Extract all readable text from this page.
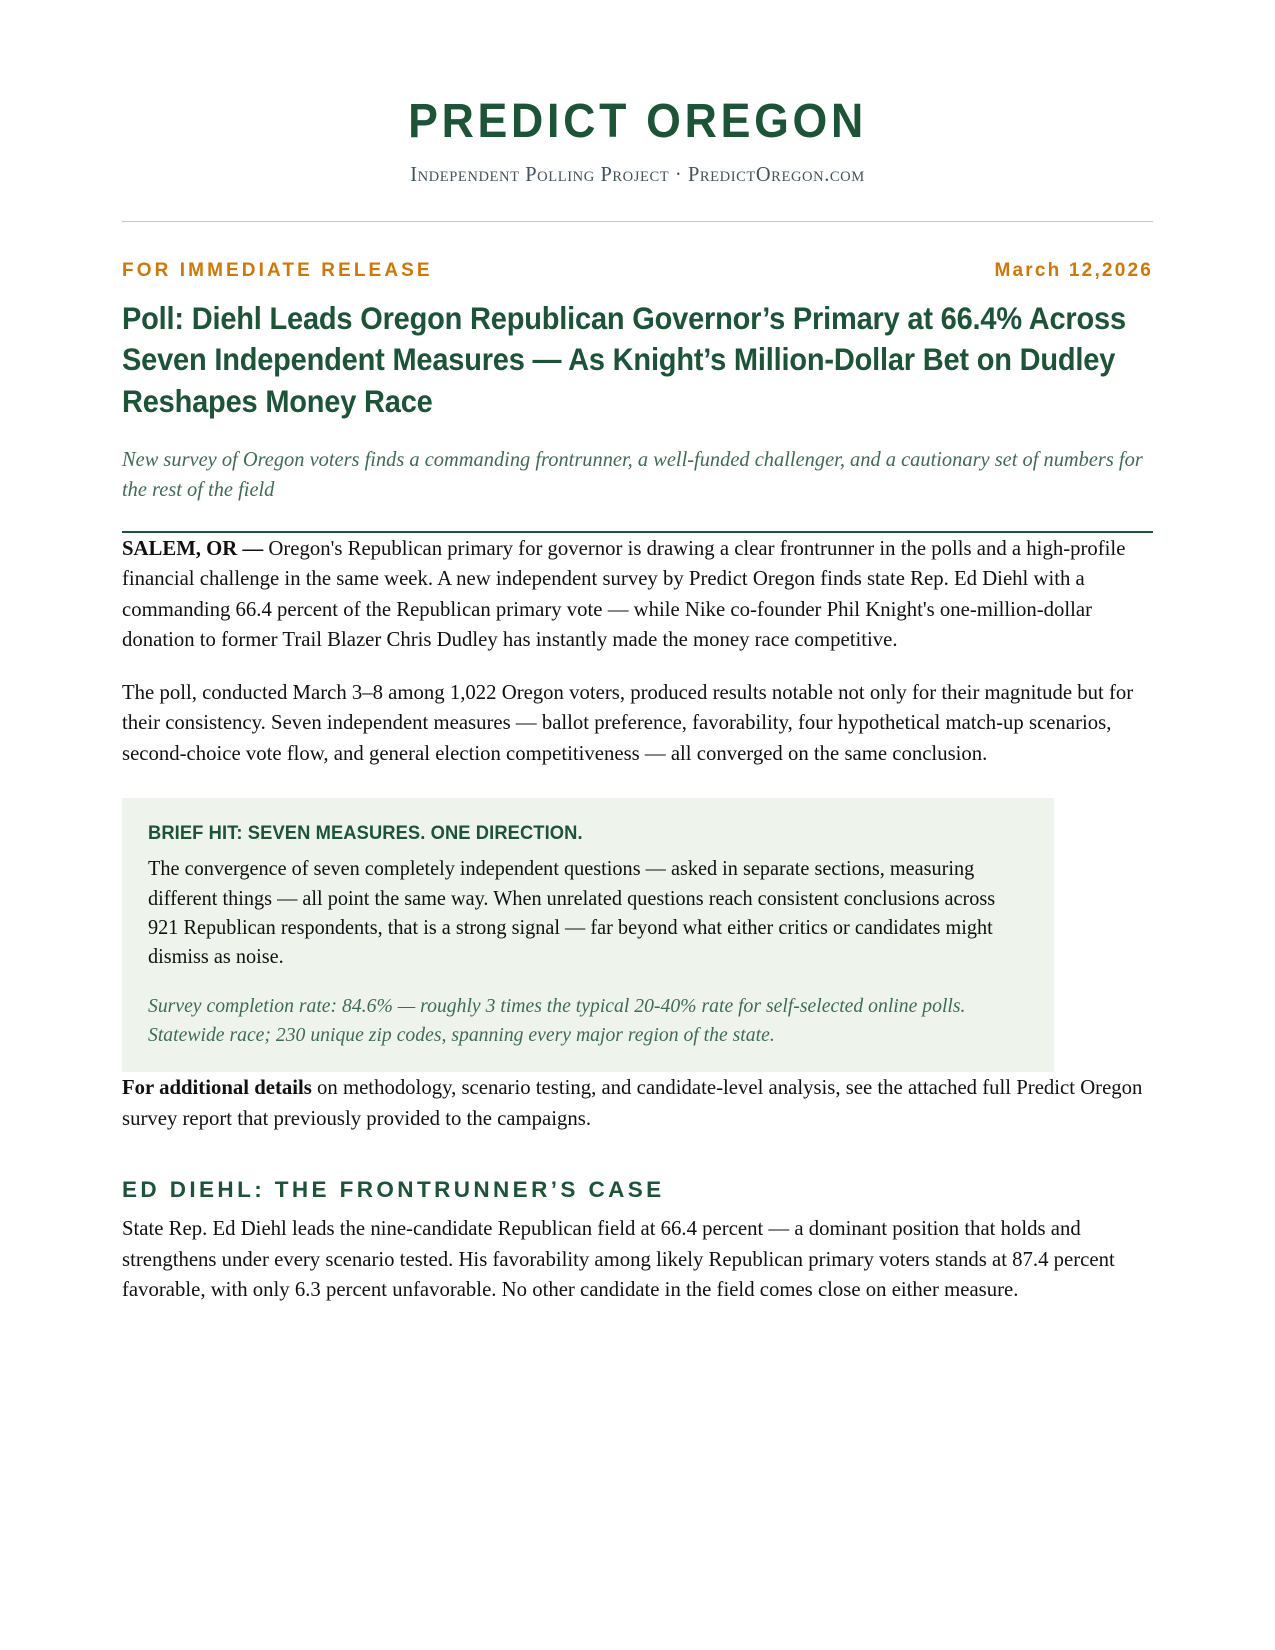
PREDICT OREGON
Independent Polling Project · PredictOregon.com
FOR IMMEDIATE RELEASE	March 12,2026
Poll: Diehl Leads Oregon Republican Governor’s Primary at 66.4% Across Seven Independent Measures — As Knight’s Million-Dollar Bet on Dudley Reshapes Money Race
New survey of Oregon voters finds a commanding frontrunner, a well-funded challenger, and a cautionary set of numbers for the rest of the field

SALEM, OR — Oregon's Republican primary for governor is drawing a clear frontrunner in the polls and a high-profile financial challenge in the same week. A new independent survey by Predict Oregon finds state Rep. Ed Diehl with a commanding 66.4 percent of the Republican primary vote — while Nike co-founder Phil Knight's one-million-dollar donation to former Trail Blazer Chris Dudley has instantly made the money race competitive.

The poll, conducted March 3–8 among 1,022 Oregon voters, produced results notable not only for their magnitude but for their consistency. Seven independent measures — ballot preference, favorability, four hypothetical match-up scenarios, second-choice vote flow, and general election competitiveness — all converged on the same conclusion.

BRIEF HIT: SEVEN MEASURES. ONE DIRECTION.

The convergence of seven completely independent questions — asked in separate sections, measuring different things — all point the same way. When unrelated questions reach consistent conclusions across 921 Republican respondents, that is a strong signal — far beyond what either critics or candidates might dismiss as noise.

Survey completion rate: 84.6% — roughly 3 times the typical 20-40% rate for self-selected online polls. Statewide race; 230 unique zip codes, spanning every major region of the state.

For additional details on methodology, scenario testing, and candidate-level analysis, see the attached full Predict Oregon survey report that previously provided to the campaigns.

ED DIEHL: THE FRONTRUNNER’S CASE

State Rep. Ed Diehl leads the nine-candidate Republican field at 66.4 percent — a dominant position that holds and strengthens under every scenario tested. His favorability among likely Republican primary voters stands at 87.4 percent favorable, with only 6.3 percent unfavorable. No other candidate in the field comes close on either measure.
